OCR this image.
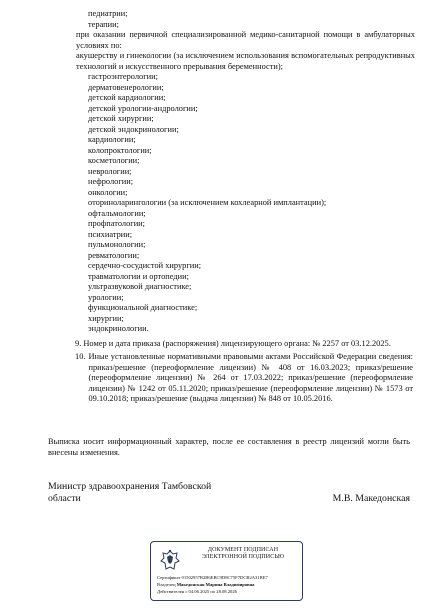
педиатрии;
терапии;
при оказании первичной специализированной медико-санитарной помощи в амбулаторных условиях по:
акушерству и гинекологии (за исключением использования вспомогательных репродуктивных технологий и искусственного прерывания беременности);
гастроэнтерологии;
дерматовенерологии;
детской кардиологии;
детской урологии-андрологии;
детской хирургии;
детской эндокринологии;
кардиологии;
колопроктологии;
косметологии;
неврологии;
нефрологии;
онкологии;
оториноларингологии (за исключением кохлеарной имплантации);
офтальмологии;
профпатологии;
психиатрии;
пульмонологии;
ревматологии;
сердечно-сосудистой хирургии;
травматологии и ортопедии;
ультразвуковой диагностике;
урологии;
функциональной диагностике;
хирургии;
эндокринологии.
9. Номер и дата приказа (распоряжения) лицензирующего органа: № 2257 от 03.12.2025.
10. Иные установленные нормативными правовыми актами Российской Федерации сведения: приказ/решение (переоформление лицензии) № 408 от 16.03.2023; приказ/решение (переоформление лицензии) № 264 от 17.03.2022; приказ/решение (переоформление лицензии) № 1242 от 05.11.2020; приказ/решение (переоформление лицензии) № 1573 от 09.10.2018; приказ/решение (выдача лицензии) № 848 от 10.05.2016.
Выписка носит информационный характер, после ее составления в реестр лицензий могли быть внесены изменения.
Министр здравоохранения Тамбовской области	М.В. Македонская
ДОКУМЕНТ ПОДПИСАН ЭЛЕКТРОННОЙ ПОДПИСЬЮ
Сертификат 01502957B2B6EBC9D8C75F7DCB2A31BE7
Владелец Македонская Марина Владимировна
Действителен с 04.06.2025 по 28.08.2026
